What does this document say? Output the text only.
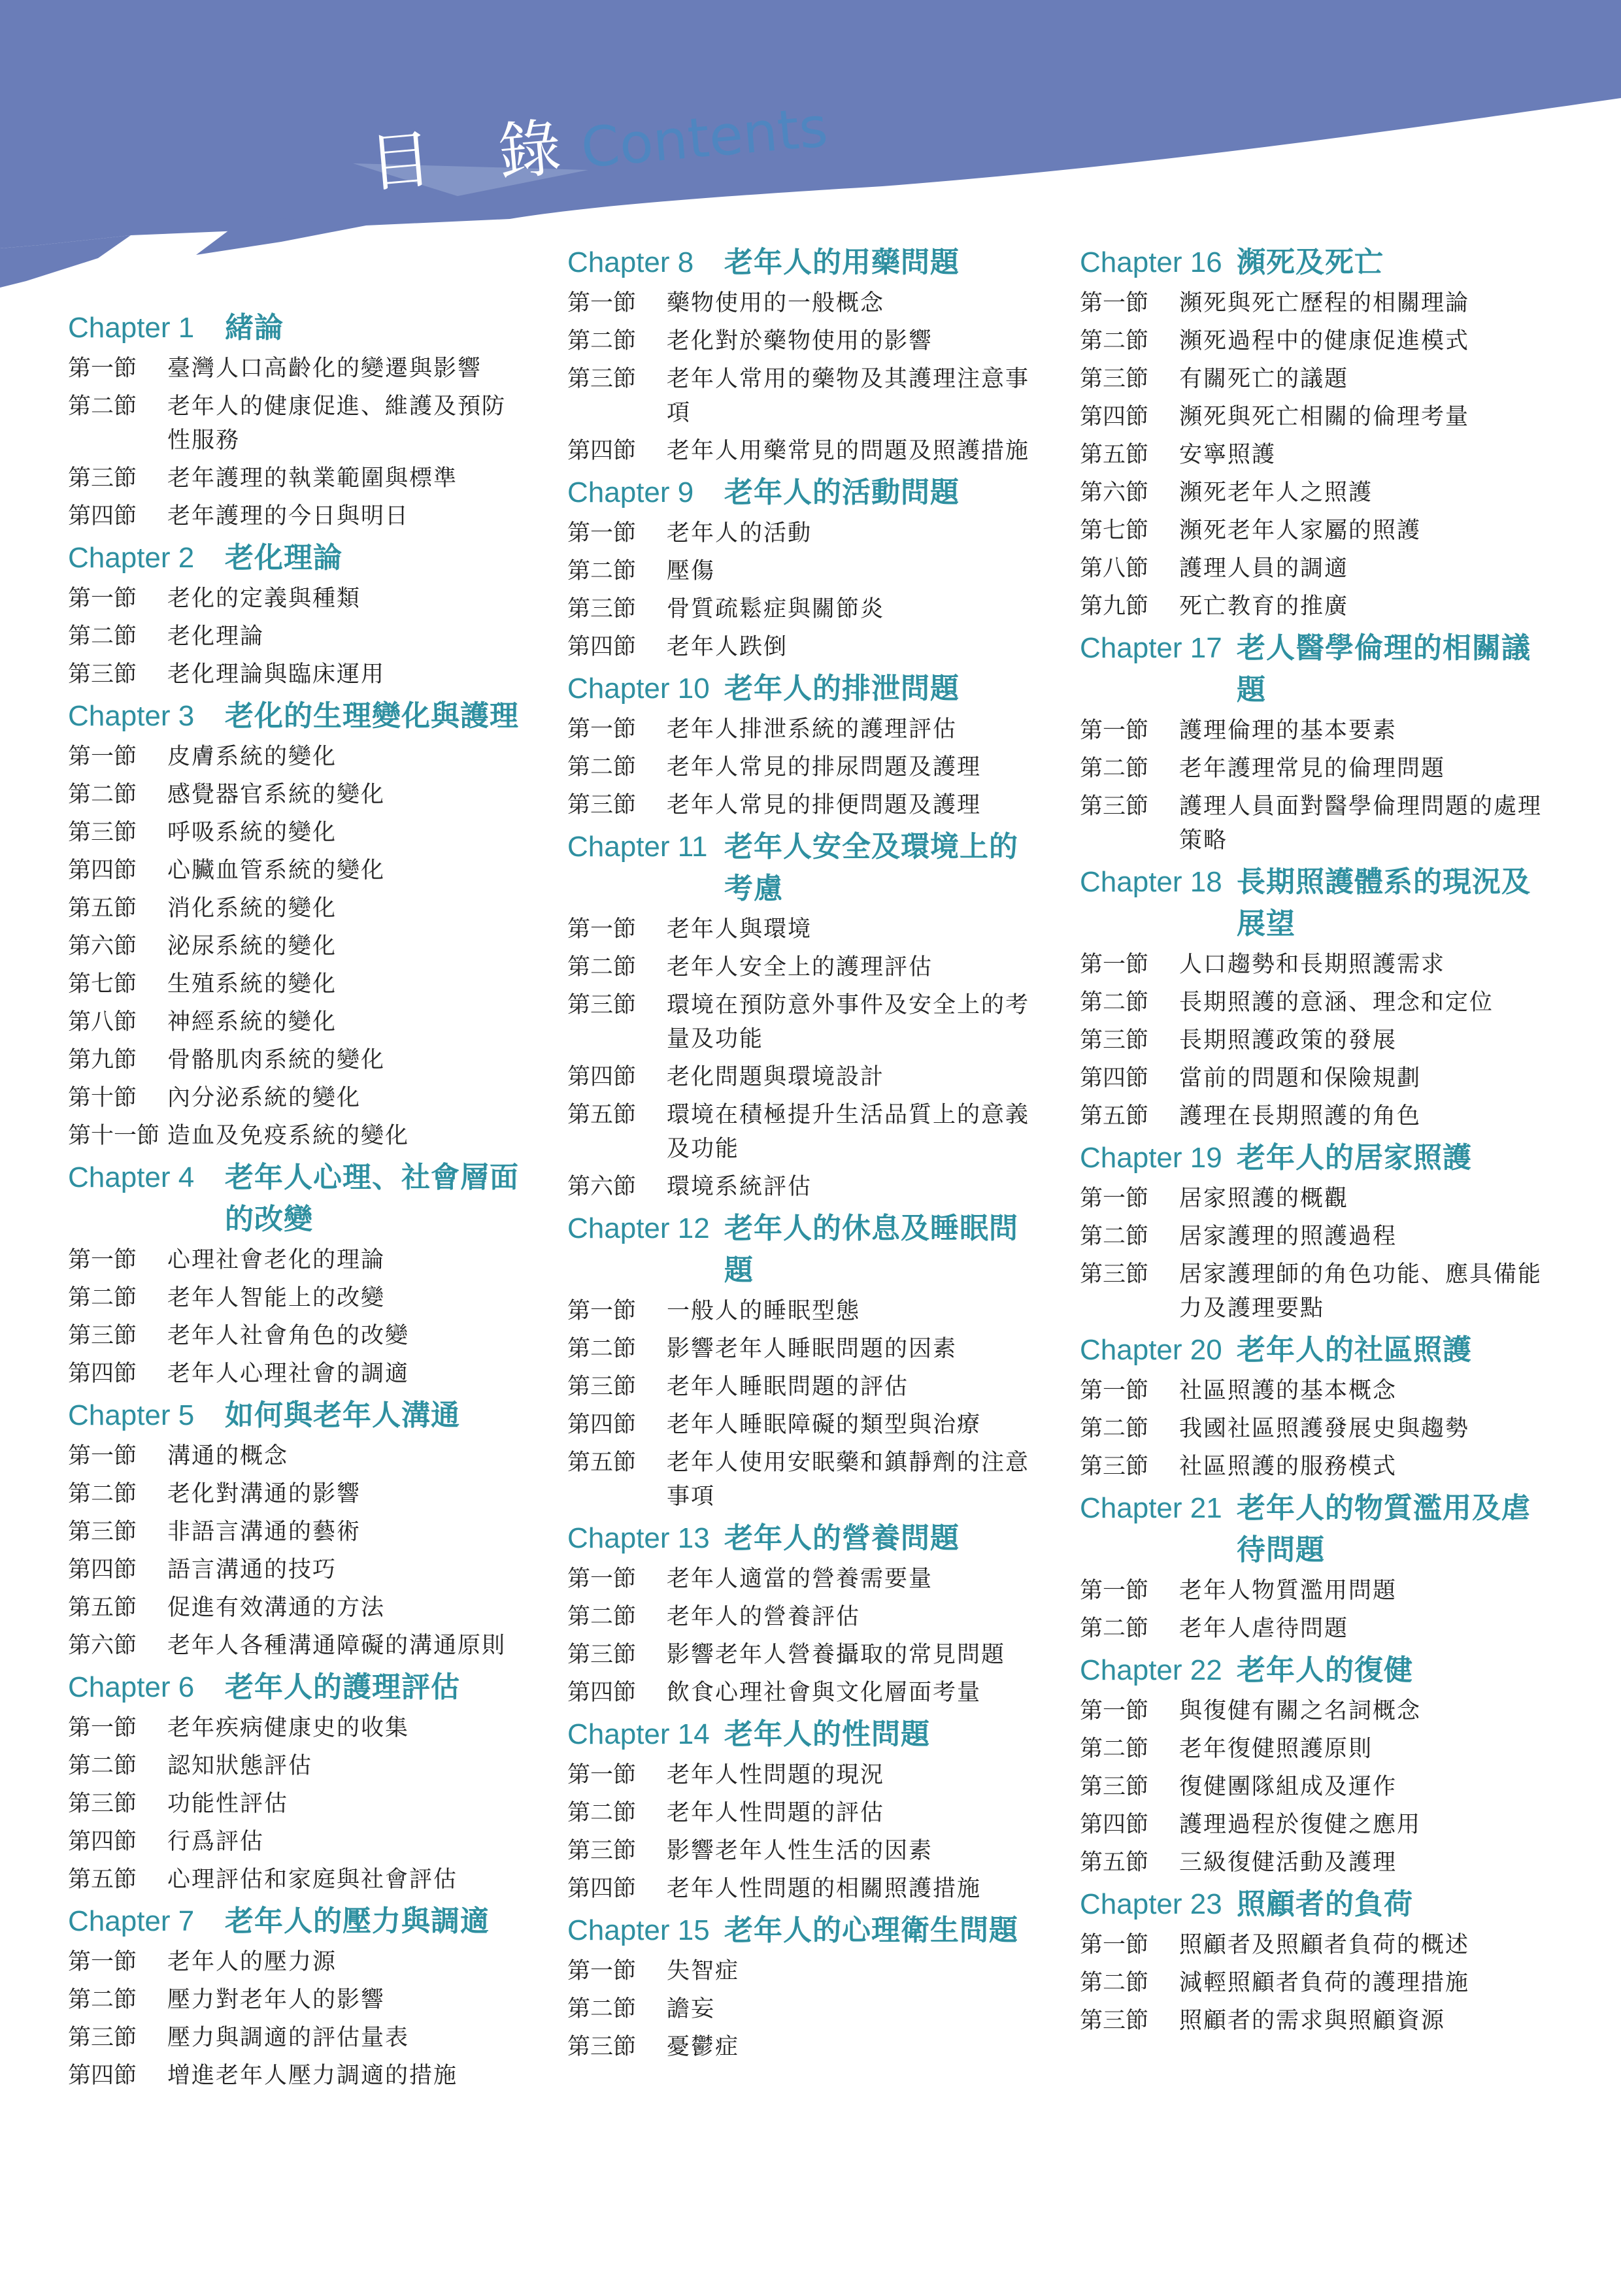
目 錄 Contents
Chapter 1	緒論
第一節	臺灣人口高齡化的變遷與影響
第二節	老年人的健康促進、維護及預防性服務
第三節	老年護理的執業範圍與標準
第四節	老年護理的今日與明日
Chapter 2	老化理論
第一節	老化的定義與種類
第二節	老化理論
第三節	老化理論與臨床運用
Chapter 3	老化的生理變化與護理
第一節	皮膚系統的變化
第二節	感覺器官系統的變化
第三節	呼吸系統的變化
第四節	心臟血管系統的變化
第五節	消化系統的變化
第六節	泌尿系統的變化
第七節	生殖系統的變化
第八節	神經系統的變化
第九節	骨骼肌肉系統的變化
第十節	內分泌系統的變化
第十一節 造血及免疫系統的變化
Chapter 4	老年人心理、社會層面的改變
第一節	心理社會老化的理論
第二節	老年人智能上的改變
第三節	老年人社會角色的改變
第四節	老年人心理社會的調適
Chapter 5	如何與老年人溝通
第一節	溝通的概念
第二節	老化對溝通的影響
第三節	非語言溝通的藝術
第四節	語言溝通的技巧
第五節	促進有效溝通的方法
第六節	老年人各種溝通障礙的溝通原則
Chapter 6	老年人的護理評估
第一節	老年疾病健康史的收集
第二節	認知狀態評估
第三節	功能性評估
第四節	行爲評估
第五節	心理評估和家庭與社會評估
Chapter 7	老年人的壓力與調適
第一節	老年人的壓力源
第二節	壓力對老年人的影響
第三節	壓力與調適的評估量表
第四節	增進老年人壓力調適的措施
Chapter 8	老年人的用藥問題
第一節	藥物使用的一般概念
第二節	老化對於藥物使用的影響
第三節	老年人常用的藥物及其護理注意事項
第四節	老年人用藥常見的問題及照護措施
Chapter 9	老年人的活動問題
第一節	老年人的活動
第二節	壓傷
第三節	骨質疏鬆症與關節炎
第四節	老年人跌倒
Chapter 10 老年人的排泄問題
第一節	老年人排泄系統的護理評估
第二節	老年人常見的排尿問題及護理
第三節	老年人常見的排便問題及護理
Chapter 11 老年人安全及環境上的考慮
第一節	老年人與環境
第二節	老年人安全上的護理評估
第三節	環境在預防意外事件及安全上的考量及功能
第四節	老化問題與環境設計
第五節	環境在積極提升生活品質上的意義及功能
第六節	環境系統評估
Chapter 12 老年人的休息及睡眠問題
第一節	一般人的睡眠型態
第二節	影響老年人睡眠問題的因素
第三節	老年人睡眠問題的評估
第四節	老年人睡眠障礙的類型與治療
第五節	老年人使用安眠藥和鎮靜劑的注意事項
Chapter 13 老年人的營養問題
第一節	老年人適當的營養需要量
第二節	老年人的營養評估
第三節	影響老年人營養攝取的常見問題
第四節	飲食心理社會與文化層面考量
Chapter 14 老年人的性問題
第一節	老年人性問題的現況
第二節	老年人性問題的評估
第三節	影響老年人性生活的因素
第四節	老年人性問題的相關照護措施
Chapter 15 老年人的心理衛生問題
第一節	失智症
第二節	譫妄
第三節	憂鬱症
Chapter 16 瀕死及死亡
第一節	瀕死與死亡歷程的相關理論
第二節	瀕死過程中的健康促進模式
第三節	有關死亡的議題
第四節	瀕死與死亡相關的倫理考量
第五節	安寧照護
第六節	瀕死老年人之照護
第七節	瀕死老年人家屬的照護
第八節	護理人員的調適
第九節	死亡教育的推廣
Chapter 17 老人醫學倫理的相關議題
第一節	護理倫理的基本要素
第二節	老年護理常見的倫理問題
第三節	護理人員面對醫學倫理問題的處理策略
Chapter 18 長期照護體系的現況及展望
第一節	人口趨勢和長期照護需求
第二節	長期照護的意涵、理念和定位
第三節	長期照護政策的發展
第四節	當前的問題和保險規劃
第五節	護理在長期照護的角色
Chapter 19 老年人的居家照護
第一節	居家照護的概觀
第二節	居家護理的照護過程
第三節	居家護理師的角色功能、應具備能力及護理要點
Chapter 20 老年人的社區照護
第一節	社區照護的基本概念
第二節	我國社區照護發展史與趨勢
第三節	社區照護的服務模式
Chapter 21 老年人的物質濫用及虐待問題
第一節	老年人物質濫用問題
第二節	老年人虐待問題
Chapter 22 老年人的復健
第一節	與復健有關之名詞概念
第二節	老年復健照護原則
第三節	復健團隊組成及運作
第四節	護理過程於復健之應用
第五節	三級復健活動及護理
Chapter 23 照顧者的負荷
第一節	照顧者及照顧者負荷的概述
第二節	減輕照顧者負荷的護理措施
第三節	照顧者的需求與照顧資源
